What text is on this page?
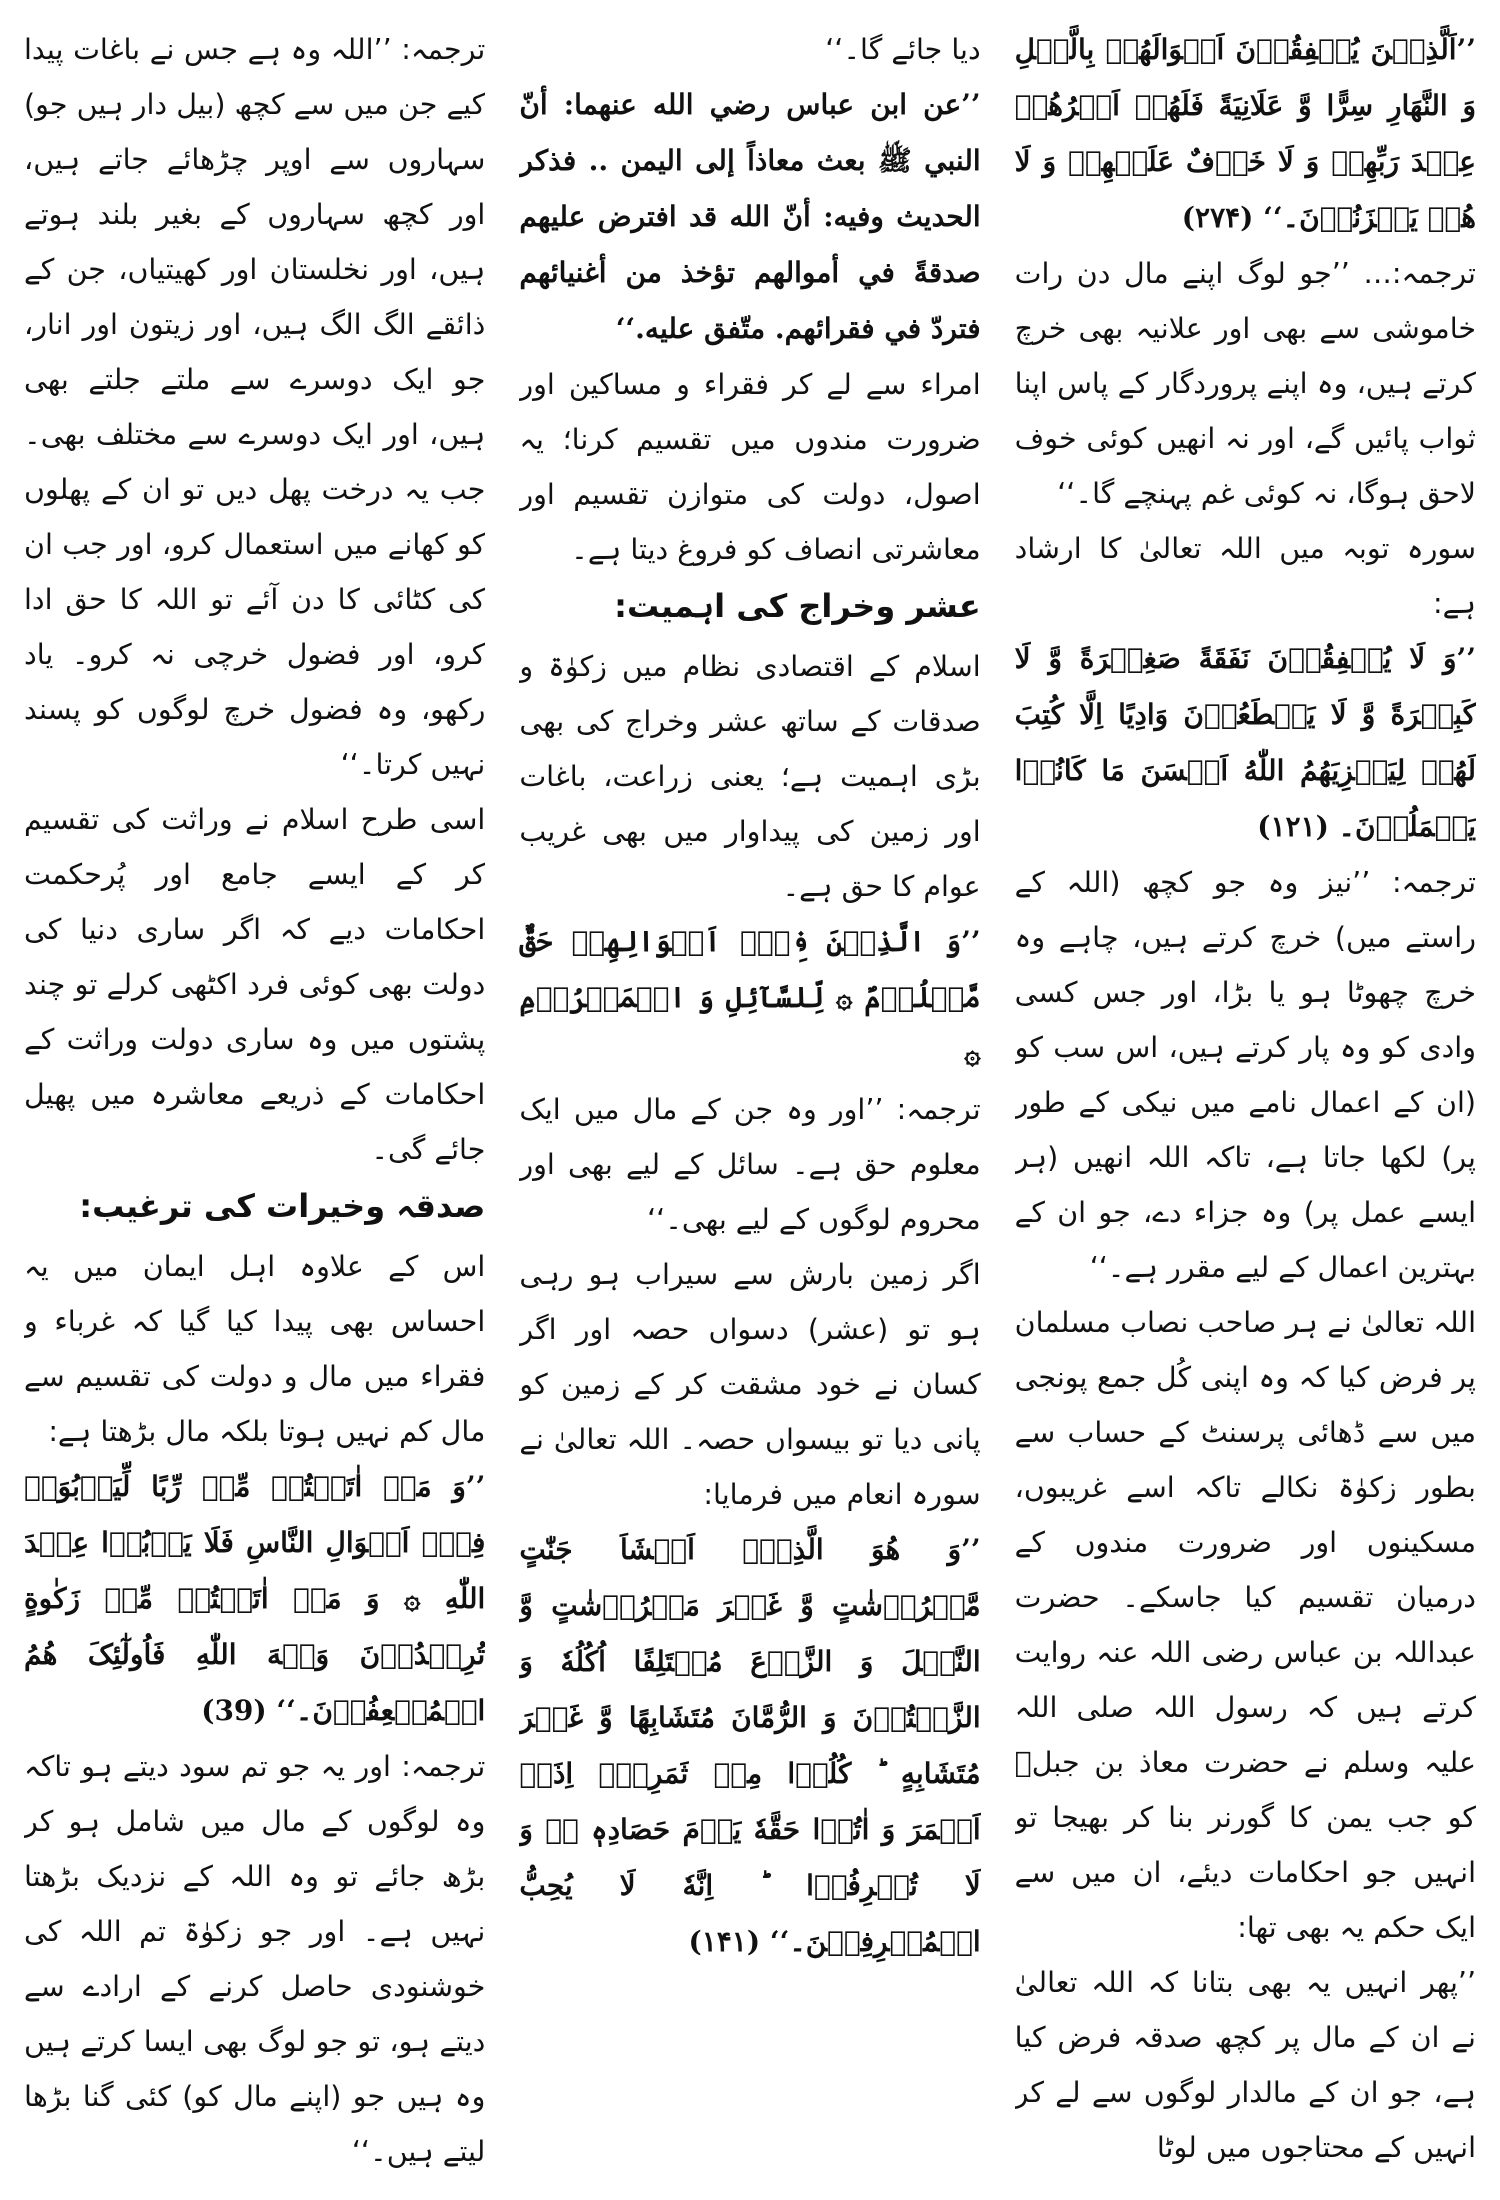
’’اَلَّذِیۡنَ یُنۡفِقُوۡنَ اَمۡوَالَهُمۡ بِالَّیۡلِ وَ النَّهَارِ سِرًّا وَّ عَلَانِیَةً فَلَهُمۡ اَجۡرُهُمۡ عِنۡدَ رَبِّهِمۡ وَ لَا خَوۡفٌ عَلَیۡهِمۡ وَ لَا هُمۡ یَحۡزَنُوۡنَ۔‘‘ (۲۷۴)

ترجمہ:… ’’جو لوگ اپنے مال دن رات خاموشی سے بھی اور علانیہ بھی خرچ کرتے ہیں، وہ اپنے پروردگار کے پاس اپنا ثواب پائیں گے، اور نہ انھیں کوئی خوف لاحق ہوگا، نہ کوئی غم پہنچے گا۔‘‘

سورہ توبہ میں اللہ تعالیٰ کا ارشاد ہے:

’’وَ لَا یُنۡفِقُوۡنَ نَفَقَةً صَغِیۡرَةً وَّ لَا کَبِیۡرَةً وَّ لَا یَقۡطَعُوۡنَ وَادِیًا اِلَّا کُتِبَ لَهُمۡ لِیَجۡزِیَهُمُ اللّٰهُ اَحۡسَنَ مَا کَانُوۡا یَعۡمَلُوۡنَ۔ (۱۲۱)

ترجمہ: ’’نیز وہ جو کچھ (اللہ کے راستے میں) خرچ کرتے ہیں، چاہے وہ خرچ چھوٹا ہو یا بڑا، اور جس کسی وادی کو وہ پار کرتے ہیں، اس سب کو (ان کے اعمال نامے میں نیکی کے طور پر) لکھا جاتا ہے، تاکہ اللہ انھیں (ہر ایسے عمل پر) وہ جزاء دے، جو ان کے بہترین اعمال کے لیے مقرر ہے۔‘‘

اللہ تعالیٰ نے ہر صاحب نصاب مسلمان پر فرض کیا کہ وہ اپنی کُل جمع پونجی میں سے ڈھائی پرسنٹ کے حساب سے بطور زکوٰۃ نکالے تاکہ اسے غریبوں، مسکینوں اور ضرورت مندوں کے درمیان تقسیم کیا جاسکے۔ حضرت عبداللہ بن عباس رضی اللہ عنہ روایت کرتے ہیں کہ رسول اللہ صلی اللہ علیہ وسلم نے حضرت معاذ بن جبلؓ کو جب یمن کا گورنر بنا کر بھیجا تو انہیں جو احکامات دیئے، ان میں سے ایک حکم یہ بھی تھا:

’’پھر انہیں یہ بھی بتانا کہ اللہ تعالیٰ نے ان کے مال پر کچھ صدقہ فرض کیا ہے، جو ان کے مالدار لوگوں سے لے کر انہیں کے محتاجوں میں لوٹا

دیا جائے گا۔‘‘

’’عن ابن عباس رضي الله عنهما: أنّ النبي ﷺ بعث معاذاً إلى اليمن .. فذكر الحديث وفيه: أنّ الله قد افترض عليهم صدقةً في أموالهم تؤخذ من أغنيائهم فتردّ في فقرائهم. متّفق عليه.‘‘

امراء سے لے کر فقراء و مساکین اور ضرورت مندوں میں تقسیم کرنا؛ یہ اصول، دولت کی متوازن تقسیم اور معاشرتی انصاف کو فروغ دیتا ہے۔

عشر وخراج کی اہمیت:

اسلام کے اقتصادی نظام میں زکوٰۃ و صدقات کے ساتھ عشر وخراج کی بھی بڑی اہمیت ہے؛ یعنی زراعت، باغات اور زمین کی پیداوار میں بھی غریب عوام کا حق ہے۔

’’وَ الَّذِیۡنَ فِیۡۤ اَمۡوَالِهِمۡ حَقٌّ مَّعۡلُوۡمٌ ۞ لِّلسَّآئِلِ وَ الۡمَحۡرُوۡمِ ۞

ترجمہ: ’’اور وہ جن کے مال میں ایک معلوم حق ہے۔ سائل کے لیے بھی اور محروم لوگوں کے لیے بھی۔‘‘

اگر زمین بارش سے سیراب ہو رہی ہو تو (عشر) دسواں حصہ اور اگر کسان نے خود مشقت کر کے زمین کو پانی دیا تو بیسواں حصہ۔ اللہ تعالیٰ نے سورہ انعام میں فرمایا:

’’وَ هُوَ الَّذِیۡۤ اَنۡشَاَ جَنّٰتٍ مَّعۡرُوۡشٰتٍ وَّ غَیۡرَ مَعۡرُوۡشٰتٍ وَّ النَّخۡلَ وَ الزَّرۡعَ مُخۡتَلِفًا اُکُلُهٗ وَ الزَّیۡتُوۡنَ وَ الرُّمَّانَ مُتَشَابِهًا وَّ غَیۡرَ مُتَشَابِهٍ ؕ کُلُوۡا مِنۡ ثَمَرِهٖۤ اِذَاۤ اَثۡمَرَ وَ اٰتُوۡا حَقَّهٗ یَوۡمَ حَصَادِهٖ ۫ۖ وَ لَا تُسۡرِفُوۡا ؕ اِنَّهٗ لَا یُحِبُّ الۡمُسۡرِفِیۡنَ۔‘‘ (۱۴۱)

ترجمہ: ’’اللہ وہ ہے جس نے باغات پیدا کیے جن میں سے کچھ (بیل دار ہیں جو) سہاروں سے اوپر چڑھائے جاتے ہیں، اور کچھ سہاروں کے بغیر بلند ہوتے ہیں، اور نخلستان اور کھیتیاں، جن کے ذائقے الگ الگ ہیں، اور زیتون اور انار، جو ایک دوسرے سے ملتے جلتے بھی ہیں، اور ایک دوسرے سے مختلف بھی۔ جب یہ درخت پھل دیں تو ان کے پھلوں کو کھانے میں استعمال کرو، اور جب ان کی کٹائی کا دن آئے تو اللہ کا حق ادا کرو، اور فضول خرچی نہ کرو۔ یاد رکھو، وہ فضول خرچ لوگوں کو پسند نہیں کرتا۔‘‘

اسی طرح اسلام نے وراثت کی تقسیم کر کے ایسے جامع اور پُرحکمت احکامات دیے کہ اگر ساری دنیا کی دولت بھی کوئی فرد اکٹھی کرلے تو چند پشتوں میں وہ ساری دولت وراثت کے احکامات کے ذریعے معاشرہ میں پھیل جائے گی۔

صدقہ وخیرات کی ترغیب:

اس کے علاوہ اہل ایمان میں یہ احساس بھی پیدا کیا گیا کہ غرباء و فقراء میں مال و دولت کی تقسیم سے مال کم نہیں ہوتا بلکہ مال بڑھتا ہے:

’’وَ مَاۤ اٰتَیۡتُمۡ مِّنۡ رِّبًا لِّیَرۡبُوَا۠ فِیۡۤ اَمۡوَالِ النَّاسِ فَلَا یَرۡبُوۡا عِنۡدَ اللّٰهِ ۞ وَ مَاۤ اٰتَیۡتُمۡ مِّنۡ زَکٰوةٍ تُرِیۡدُوۡنَ وَجۡهَ اللّٰهِ فَاُولٰٓئِکَ هُمُ الۡمُضۡعِفُوۡنَ۔‘‘ (39)

ترجمہ: اور یہ جو تم سود دیتے ہو تاکہ وہ لوگوں کے مال میں شامل ہو کر بڑھ جائے تو وہ اللہ کے نزدیک بڑھتا نہیں ہے۔ اور جو زکوٰۃ تم اللہ کی خوشنودی حاصل کرنے کے ارادے سے دیتے ہو، تو جو لوگ بھی ایسا کرتے ہیں وہ ہیں جو (اپنے مال کو) کئی گنا بڑھا لیتے ہیں۔‘‘
